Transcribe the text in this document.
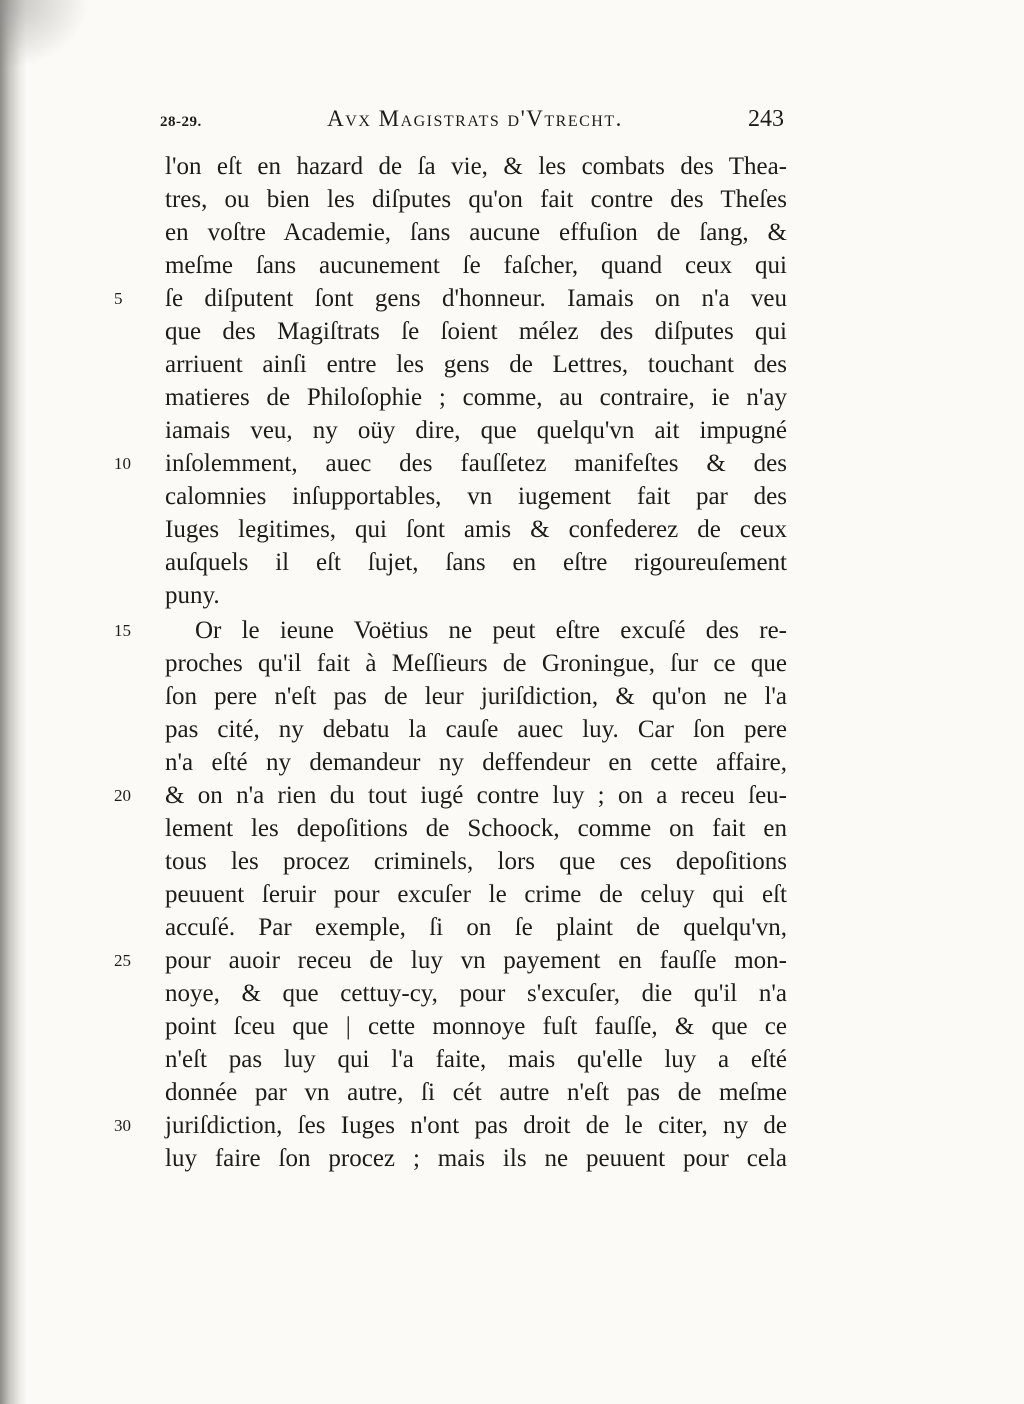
28-29.	Avx Magistrats d'Vtrecht.	243
l'on eſt en hazard de ſa vie, & les combats des Thea-
tres, ou bien les diſputes qu'on fait contre des Theſes
en voſtre Academie, ſans aucune effuſion de ſang, &
meſme ſans aucunement ſe faſcher, quand ceux qui
ſe diſputent ſont gens d'honneur. Iamais on n'a veu
que des Magiſtrats ſe ſoient mélez des diſputes qui
arriuent ainſi entre les gens de Lettres, touchant des
matieres de Philoſophie ; comme, au contraire, ie n'ay
iamais veu, ny oüy dire, que quelqu'vn ait impugné
inſolemment, auec des fauſſetez manifeſtes & des
calomnies inſupportables, vn iugement fait par des
Iuges legitimes, qui ſont amis & confederez de ceux
auſquels il eſt ſujet, ſans en eſtre rigoureuſement
puny.
Or le ieune Voëtius ne peut eſtre excuſé des re-
proches qu'il fait à Meſſieurs de Groningue, ſur ce que
ſon pere n'eſt pas de leur juriſdiction, & qu'on ne l'a
pas cité, ny debatu la cauſe auec luy. Car ſon pere
n'a eſté ny demandeur ny deffendeur en cette affaire,
& on n'a rien du tout iugé contre luy ; on a receu ſeu-
lement les depoſitions de Schoock, comme on fait en
tous les procez criminels, lors que ces depoſitions
peuuent ſeruir pour excuſer le crime de celuy qui eſt
accuſé. Par exemple, ſi on ſe plaint de quelqu'vn,
pour auoir receu de luy vn payement en fauſſe mon-
noye, & que cettuy-cy, pour s'excuſer, die qu'il n'a
point ſceu que | cette monnoye fuſt fauſſe, & que ce
n'eſt pas luy qui l'a faite, mais qu'elle luy a eſté
donnée par vn autre, ſi cét autre n'eſt pas de meſme
juriſdiction, ſes Iuges n'ont pas droit de le citer, ny de
luy faire ſon procez ; mais ils ne peuuent pour cela
5
10
15
20
25
30
